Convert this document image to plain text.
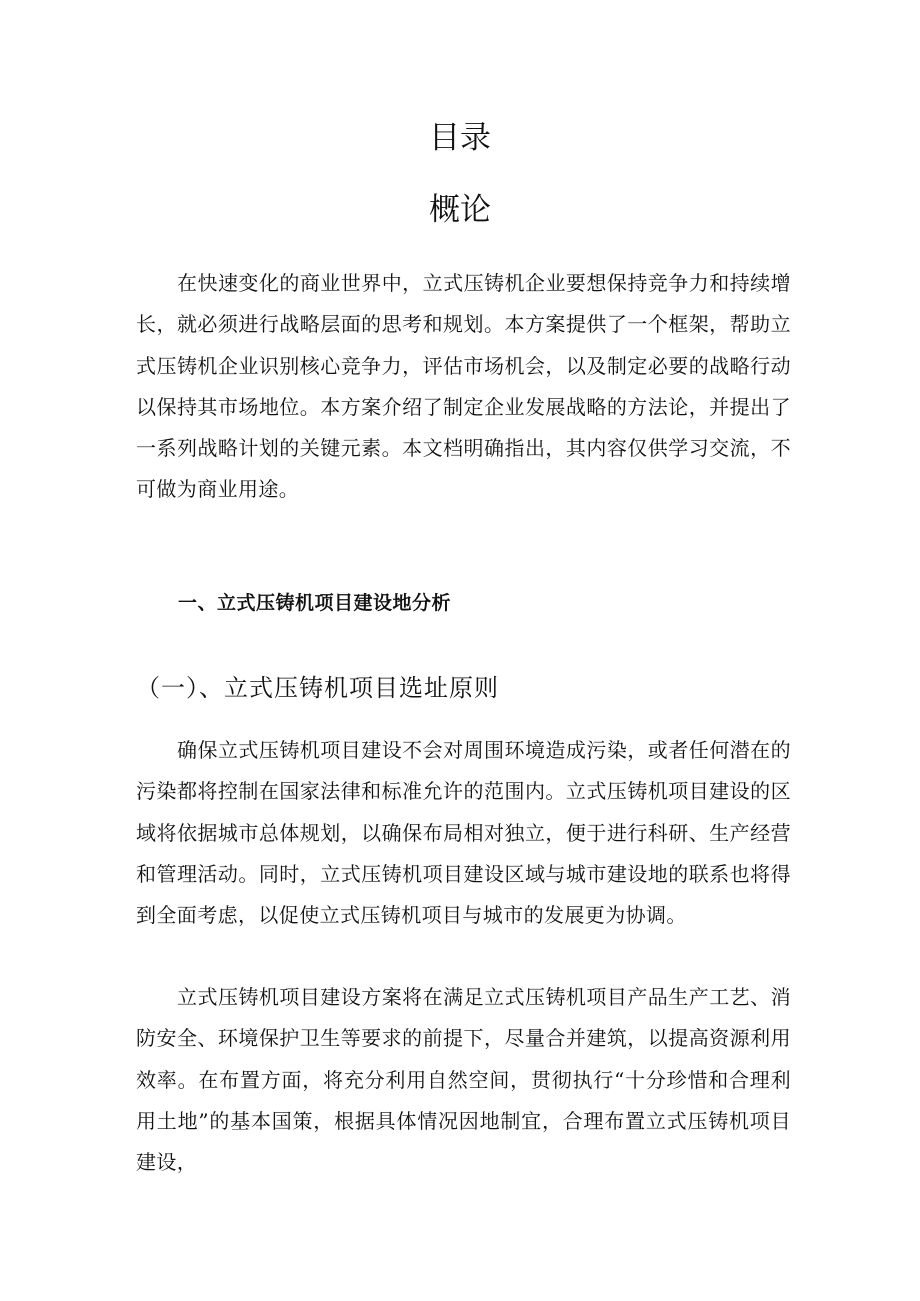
目录
概论

在快速变化的商业世界中，立式压铸机企业要想保持竞争力和持续增长，就必须进行战略层面的思考和规划。本方案提供了一个框架，帮助立式压铸机企业识别核心竞争力，评估市场机会，以及制定必要的战略行动以保持其市场地位。本方案介绍了制定企业发展战略的方法论，并提出了一系列战略计划的关键元素。本文档明确指出，其内容仅供学习交流，不可做为商业用途。

一、立式压铸机项目建设地分析
（一）、立式压铸机项目选址原则

确保立式压铸机项目建设不会对周围环境造成污染，或者任何潜在的污染都将控制在国家法律和标准允许的范围内。立式压铸机项目建设的区域将依据城市总体规划，以确保布局相对独立，便于进行科研、生产经营和管理活动。同时，立式压铸机项目建设区域与城市建设地的联系也将得到全面考虑，以促使立式压铸机项目与城市的发展更为协调。

立式压铸机项目建设方案将在满足立式压铸机项目产品生产工艺、消防安全、环境保护卫生等要求的前提下，尽量合并建筑，以提高资源利用效率。在布置方面，将充分利用自然空间，贯彻执行“十分珍惜和合理利用土地”的基本国策，根据具体情况因地制宜，合理布置立式压铸机项目建设，
